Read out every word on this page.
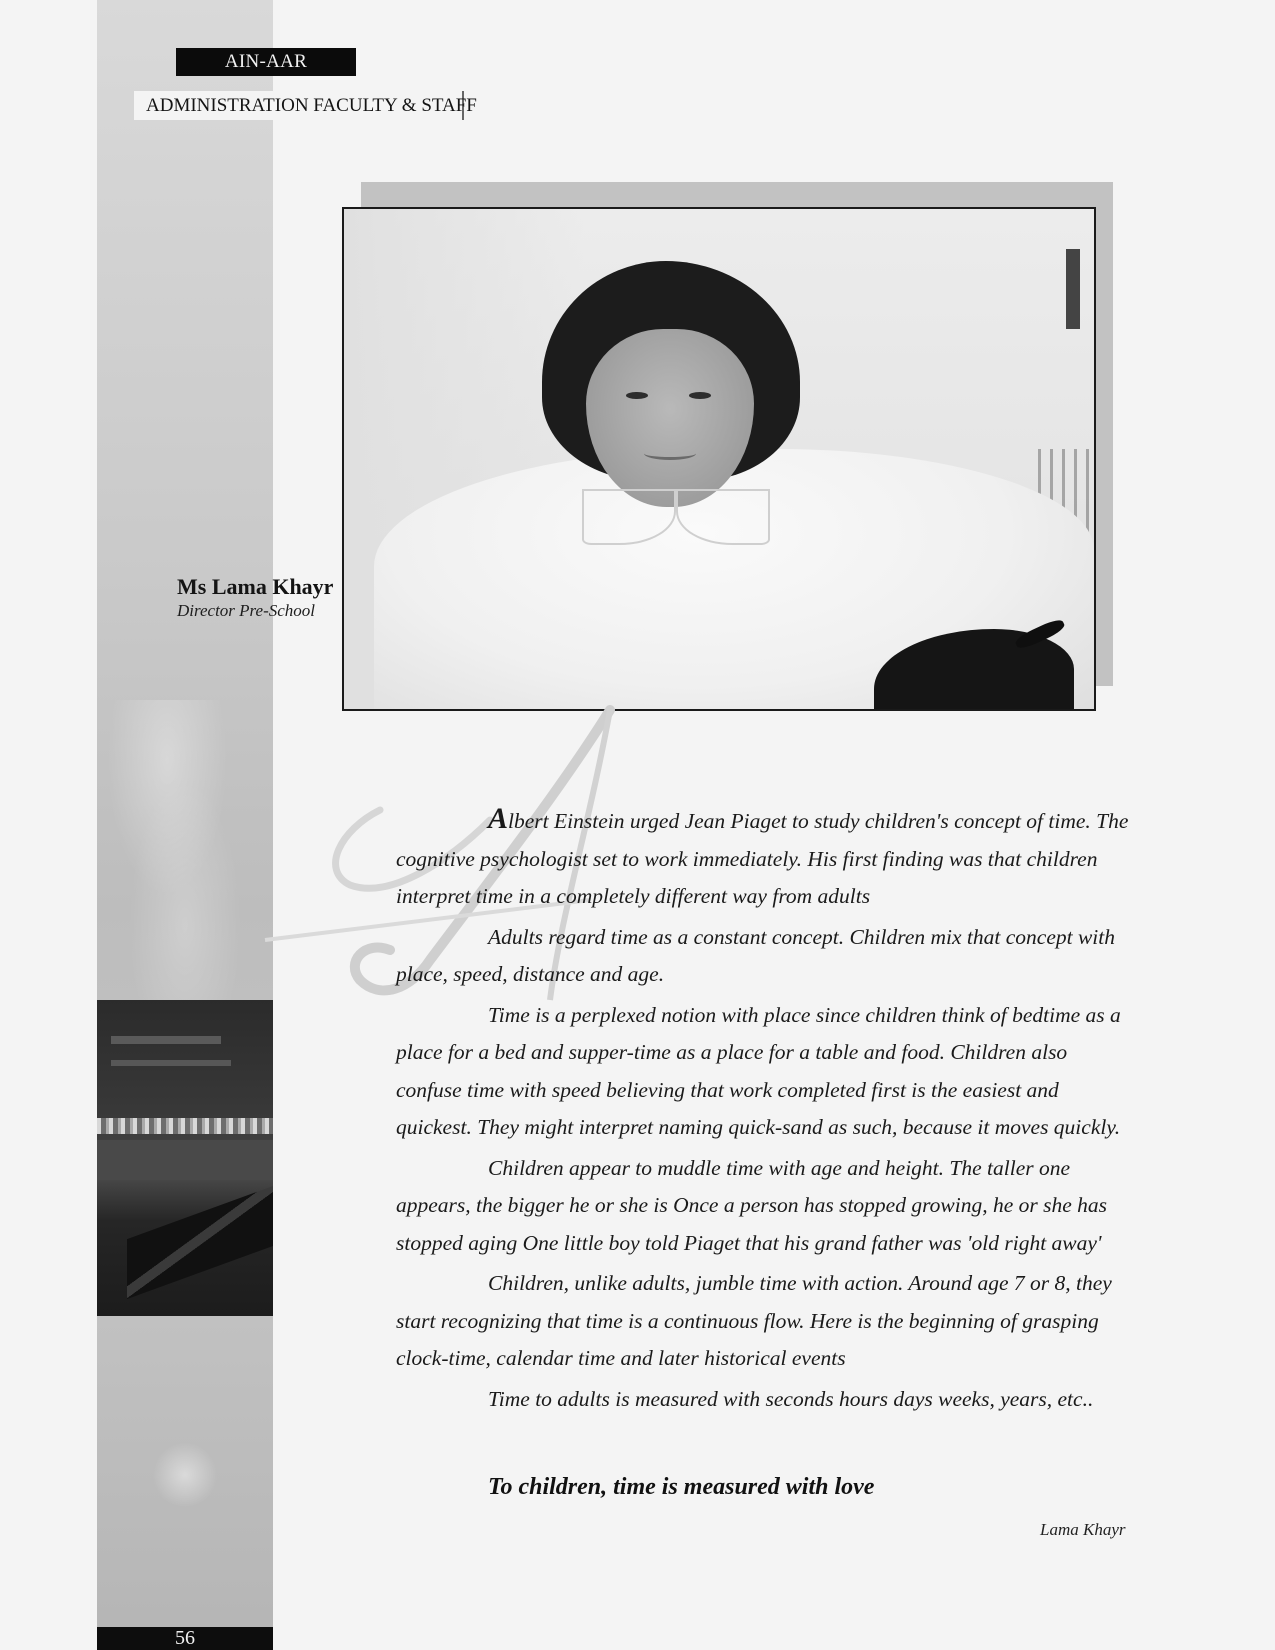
AIN-AAR
ADMINISTRATION FACULTY & STAFF
Ms Lama Khayr
Director Pre-School

Albert Einstein urged Jean Piaget to study children's concept of time. The cognitive psychologist set to work immediately. His first finding was that children interpret time in a completely different way from adults

Adults regard time as a constant concept. Children mix that concept with place, speed, distance and age.

Time is a perplexed notion with place since children think of bedtime as a place for a bed and supper-time as a place for a table and food. Children also confuse time with speed believing that work completed first is the easiest and quickest. They might interpret naming quick-sand as such, because it moves quickly.

Children appear to muddle time with age and height. The taller one appears, the bigger he or she is Once a person has stopped growing, he or she has stopped aging One little boy told Piaget that his grand father was 'old right away'

Children, unlike adults, jumble time with action. Around age 7 or 8, they start recognizing that time is a continuous flow. Here is the beginning of grasping clock-time, calendar time and later historical events

Time to adults is measured with seconds hours days weeks, years, etc..

To children, time is measured with love
Lama Khayr
56
